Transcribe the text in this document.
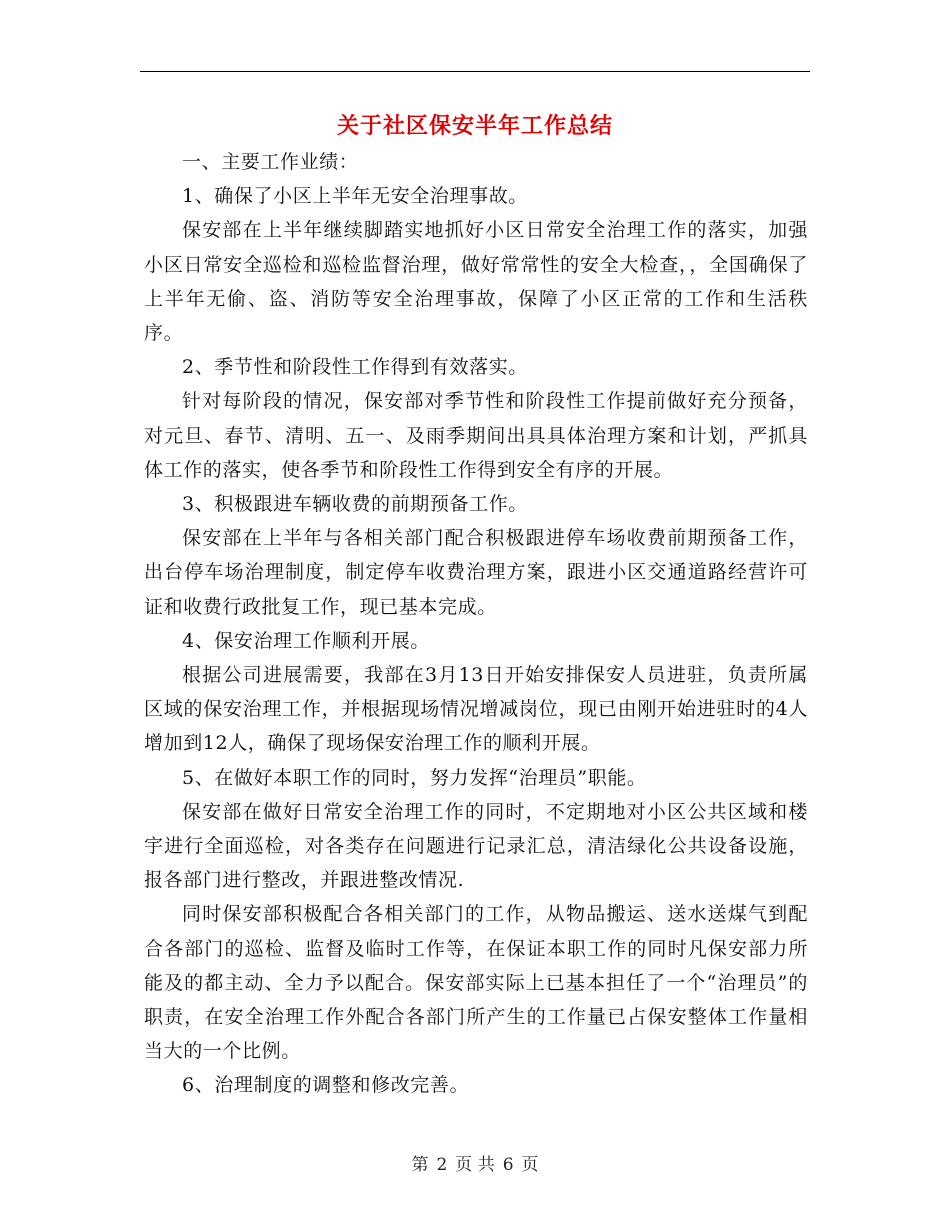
关于社区保安半年工作总结

一、主要工作业绩：

1、确保了小区上半年无安全治理事故。

保安部在上半年继续脚踏实地抓好小区日常安全治理工作的落实，加强小区日常安全巡检和巡检监督治理，做好常常性的安全大检查，，全国确保了上半年无偷、盗、消防等安全治理事故，保障了小区正常的工作和生活秩序。

2、季节性和阶段性工作得到有效落实。

针对每阶段的情况，保安部对季节性和阶段性工作提前做好充分预备，对元旦、春节、清明、五一、及雨季期间出具具体治理方案和计划，严抓具体工作的落实，使各季节和阶段性工作得到安全有序的开展。

3、积极跟进车辆收费的前期预备工作。

保安部在上半年与各相关部门配合积极跟进停车场收费前期预备工作，出台停车场治理制度，制定停车收费治理方案，跟进小区交通道路经营许可证和收费行政批复工作，现已基本完成。

4、保安治理工作顺利开展。

根据公司进展需要，我部在3月13日开始安排保安人员进驻，负责所属区域的保安治理工作，并根据现场情况增减岗位，现已由刚开始进驻时的4人增加到12人，确保了现场保安治理工作的顺利开展。

5、在做好本职工作的同时，努力发挥“治理员”职能。

保安部在做好日常安全治理工作的同时，不定期地对小区公共区域和楼宇进行全面巡检，对各类存在问题进行记录汇总，清洁绿化公共设备设施，报各部门进行整改，并跟进整改情况.

同时保安部积极配合各相关部门的工作，从物品搬运、送水送煤气到配合各部门的巡检、监督及临时工作等，在保证本职工作的同时凡保安部力所能及的都主动、全力予以配合。保安部实际上已基本担任了一个“治理员”的职责，在安全治理工作外配合各部门所产生的工作量已占保安整体工作量相当大的一个比例。

6、治理制度的调整和修改完善。

第 2 页 共 6 页
